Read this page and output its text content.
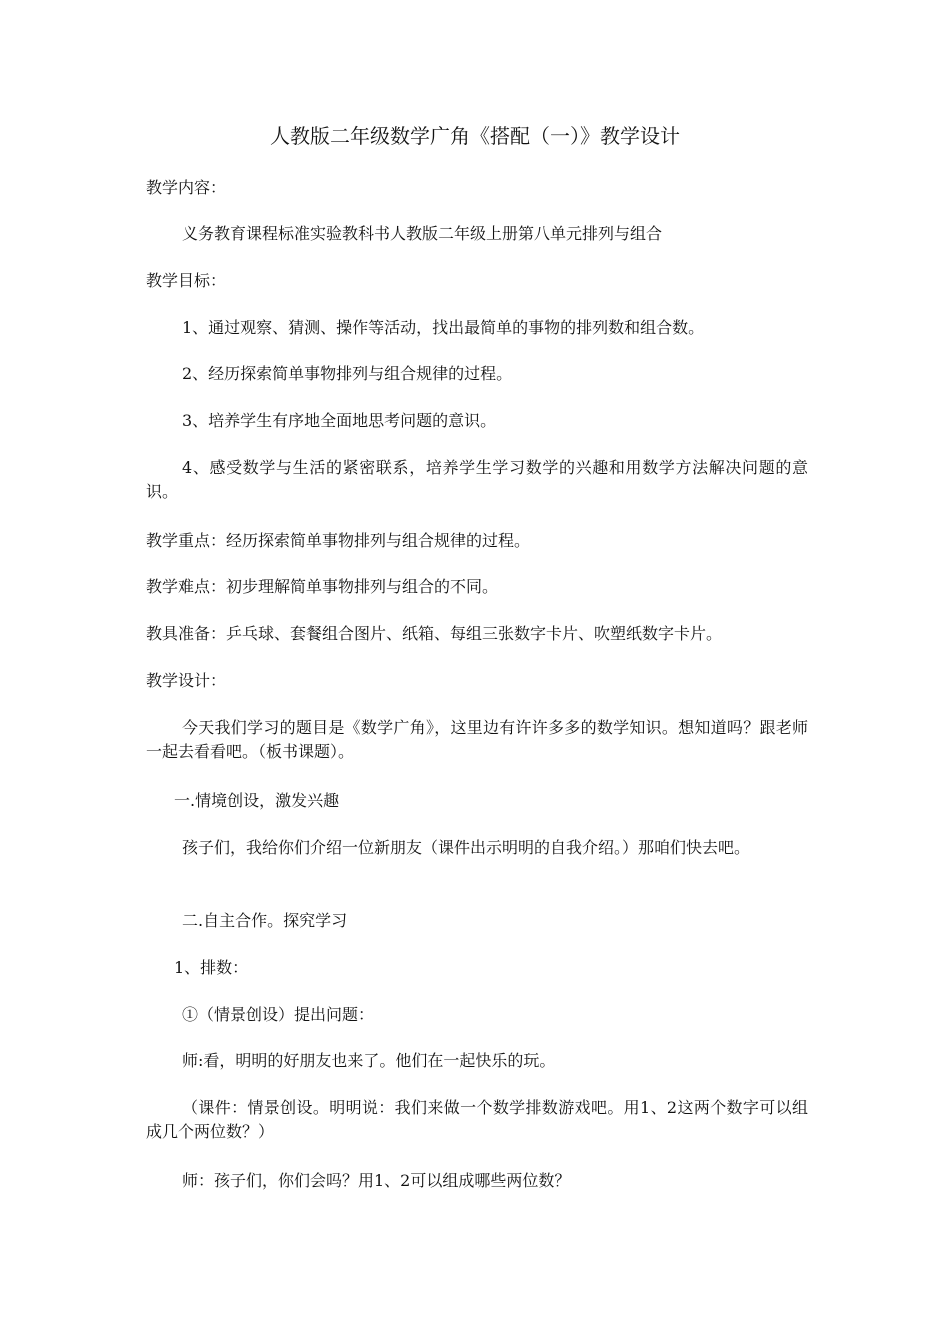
人教版二年级数学广角《搭配（一）》教学设计
教学内容：
义务教育课程标准实验教科书人教版二年级上册第八单元排列与组合
教学目标：
1、通过观察、猜测、操作等活动，找出最简单的事物的排列数和组合数。
2、经历探索简单事物排列与组合规律的过程。
3、培养学生有序地全面地思考问题的意识。
4、感受数学与生活的紧密联系，培养学生学习数学的兴趣和用数学方法解决问题的意识。
教学重点：经历探索简单事物排列与组合规律的过程。
教学难点：初步理解简单事物排列与组合的不同。
教具准备：乒乓球、套餐组合图片、纸箱、每组三张数字卡片、吹塑纸数字卡片。
教学设计：
今天我们学习的题目是《数学广角》，这里边有许许多多的数学知识。想知道吗？跟老师一起去看看吧。（板书课题）。
一.情境创设，激发兴趣
孩子们，我给你们介绍一位新朋友（课件出示明明的自我介绍。）那咱们快去吧。
二.自主合作。探究学习
1、排数：
①（情景创设）提出问题：
师:看，明明的好朋友也来了。他们在一起快乐的玩。
（课件：情景创设。明明说：我们来做一个数学排数游戏吧。用1、2这两个数字可以组成几个两位数？）
师：孩子们，你们会吗？用1、2可以组成哪些两位数？
